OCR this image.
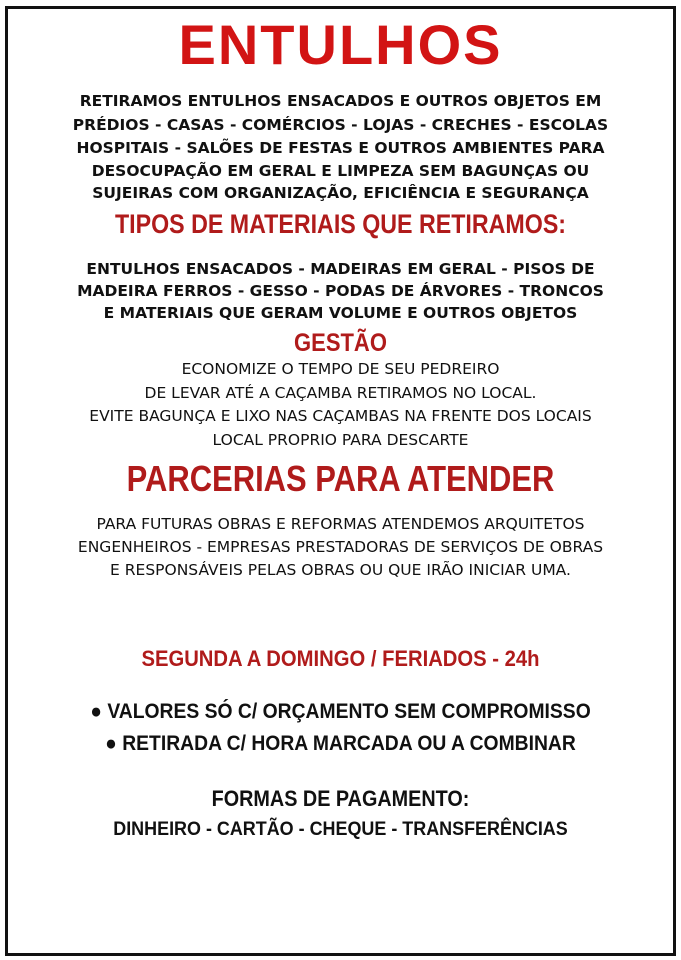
ENTULHOS
RETIRAMOS ENTULHOS ENSACADOS E OUTROS OBJETOS EM
PRÉDIOS - CASAS - COMÉRCIOS - LOJAS - CRECHES - ESCOLAS
HOSPITAIS - SALÕES DE FESTAS E OUTROS AMBIENTES PARA
DESOCUPAÇÃO EM GERAL E LIMPEZA SEM BAGUNÇAS OU
SUJEIRAS COM ORGANIZAÇÃO, EFICIÊNCIA E SEGURANÇA
TIPOS DE MATERIAIS QUE RETIRAMOS:
ENTULHOS ENSACADOS - MADEIRAS EM GERAL - PISOS DE
MADEIRA FERROS - GESSO - PODAS DE ÁRVORES - TRONCOS
E MATERIAIS QUE GERAM VOLUME E OUTROS OBJETOS
GESTÃO
ECONOMIZE O TEMPO DE SEU PEDREIRO
DE LEVAR ATÉ A CAÇAMBA RETIRAMOS NO LOCAL.
EVITE BAGUNÇA E LIXO NAS CAÇAMBAS NA FRENTE DOS LOCAIS
LOCAL PROPRIO PARA DESCARTE
PARCERIAS PARA ATENDER
PARA FUTURAS OBRAS E REFORMAS ATENDEMOS ARQUITETOS
ENGENHEIROS - EMPRESAS PRESTADORAS DE SERVIÇOS DE OBRAS
E RESPONSÁVEIS PELAS OBRAS OU QUE IRÃO INICIAR UMA.
SEGUNDA A DOMINGO / FERIADOS - 24h
● VALORES SÓ C/ ORÇAMENTO SEM COMPROMISSO
● RETIRADA C/ HORA MARCADA OU A COMBINAR
FORMAS DE PAGAMENTO:
DINHEIRO - CARTÃO - CHEQUE - TRANSFERÊNCIAS
